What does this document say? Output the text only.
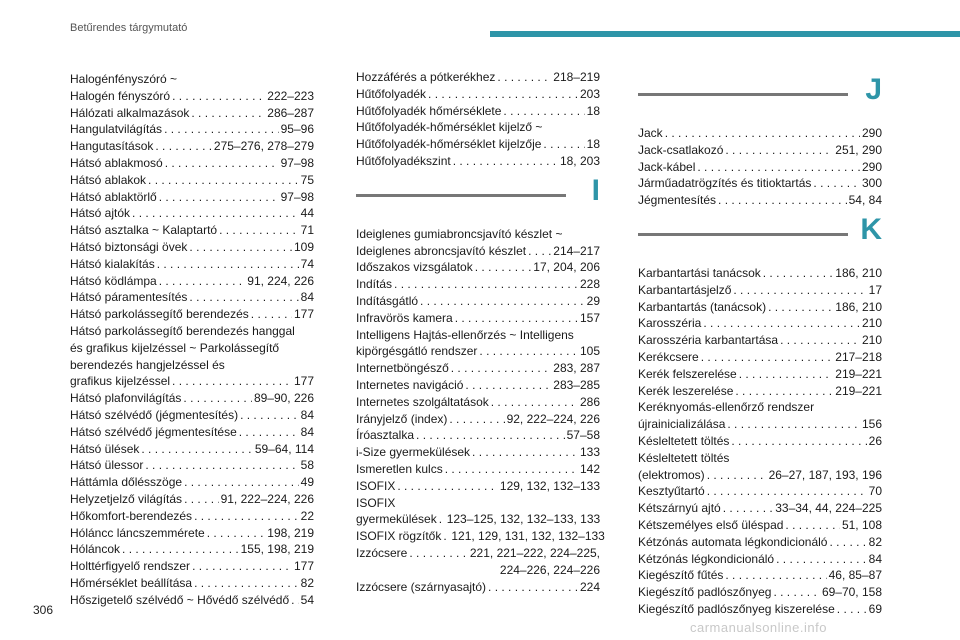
Betűrendes tárgymutató
Halogénfényszóró ~
Halogén fényszóró . . .	222–223
Hálózati alkalmazások . . .	286–287
Hangulatvilágítás . . .	95–96
Hangutasítások . . .	275–276, 278–279
Hátsó ablakmosó . . .	97–98
Hátsó ablakok . . .	75
Hátsó ablaktörlő . . .	97–98
Hátsó ajtók . . .	44
Hátsó asztalka ~ Kalaptartó . . .	71
Hátsó biztonsági övek . . .	109
Hátsó kialakítás . . .	74
Hátsó ködlámpa . . .	91, 224, 226
Hátsó páramentesítés . . .	84
Hátsó parkolássegítő berendezés . . .	177
Hátsó parkolássegítő berendezés hanggal
és grafikus kijelzéssel ~ Parkolássegítő
berendezés hangjelzéssel és
grafikus kijelzéssel . . .	177
Hátsó plafonvilágítás . . .	89–90, 226
Hátsó szélvédő (jégmentesítés) . . .	84
Hátsó szélvédő jégmentesítése . . .	84
Hátsó ülések . . .	59–64, 114
Hátsó ülessor . . .	58
Háttámla dőlésszöge . . .	49
Helyzetjelző világítás . . .	91, 222–224, 226
Hőkomfort-berendezés . . .	22
Hóláncc láncszemmérete . . .	198, 219
Hóláncok . . .	155, 198, 219
Holttérfigyelő rendszer . . .	177
Hőmérséklet beállítása . . .	82
Hőszigetelő szélvédő ~ Hővédő szélvédő . . . 54
Hozzáférés a pótkerékhez . . .	218–219
Hűtőfolyadék . . .	203
Hűtőfolyadék hőmérséklete . . .	18
Hűtőfolyadék-hőmérséklet kijelző ~
Hűtőfolyadék-hőmérséklet kijelzője . . .	18
Hűtőfolyadékszint . . .	18, 203
I
Ideiglenes gumiabroncsjavító készlet ~
Ideiglenes abroncsjavító készlet . . . 214–217
Időszakos vizsgálatok . . .	17, 204, 206
Indítás . . .	228
Indításgátló . . .	29
Infravörös kamera . . .	157
Intelligens Hajtás-ellenőrzés ~ Intelligens
kipörgésgátló rendszer . . .	105
Internetböngésző . . .	283, 287
Internetes navigáció . . .	283–285
Internetes szolgáltatások . . .	286
Irányjelző (index) . . .	92, 222–224, 226
Íróasztalka . . .	57–58
i-Size gyermekülések . . .	133
Ismeretlen kulcs . . .	142
ISOFIX . . .	129, 132, 132–133
ISOFIX
gyermekülések . . . 123–125, 132, 132–133, 133
ISOFIX rögzítők . . . 121, 129, 131, 132, 132–133
Izzócsere . . .	221, 221–222, 224–225,
224–226, 224–226
Izzócsere (szárnyasajtó) . . .	224
J
Jack . . .	290
Jack-csatlakozó . . .	251, 290
Jack-kábel . . .	290
Járműadatrögzítés és titioktartás . . .	300
Jégmentesítés . . .	54, 84
K
Karbantartási tanácsok . . .	186, 210
Karbantartásjelző . . .	17
Karbantartás (tanácsok) . . .	186, 210
Karosszéria . . .	210
Karosszéria karbantartása . . .	210
Kerékcsere . . .	217–218
Kerék felszerelése . . .	219–221
Kerék leszerelése . . .	219–221
Keréknyomás-ellenőrző rendszer
újrainicializálása . . .	156
Késleltetett töltés . . .	26
Késleltetett töltés
(elektromos) . . .	26–27, 187, 193, 196
Kesztyűtartó . . .	70
Kétszárnyú ajtó . . .	33–34, 44, 224–225
Kétszemélyes első üléspad . . .	51, 108
Kétzónás automata légkondicionáló . . .	82
Kétzónás légkondicionáló . . .	84
Kiegészítő fűtés . . .	46, 85–87
Kiegészítő padlószőnyeg . . .	69–70, 158
Kiegészítő padlószőnyeg kiszerelése . . .	69
306
carmanualsonline.info
